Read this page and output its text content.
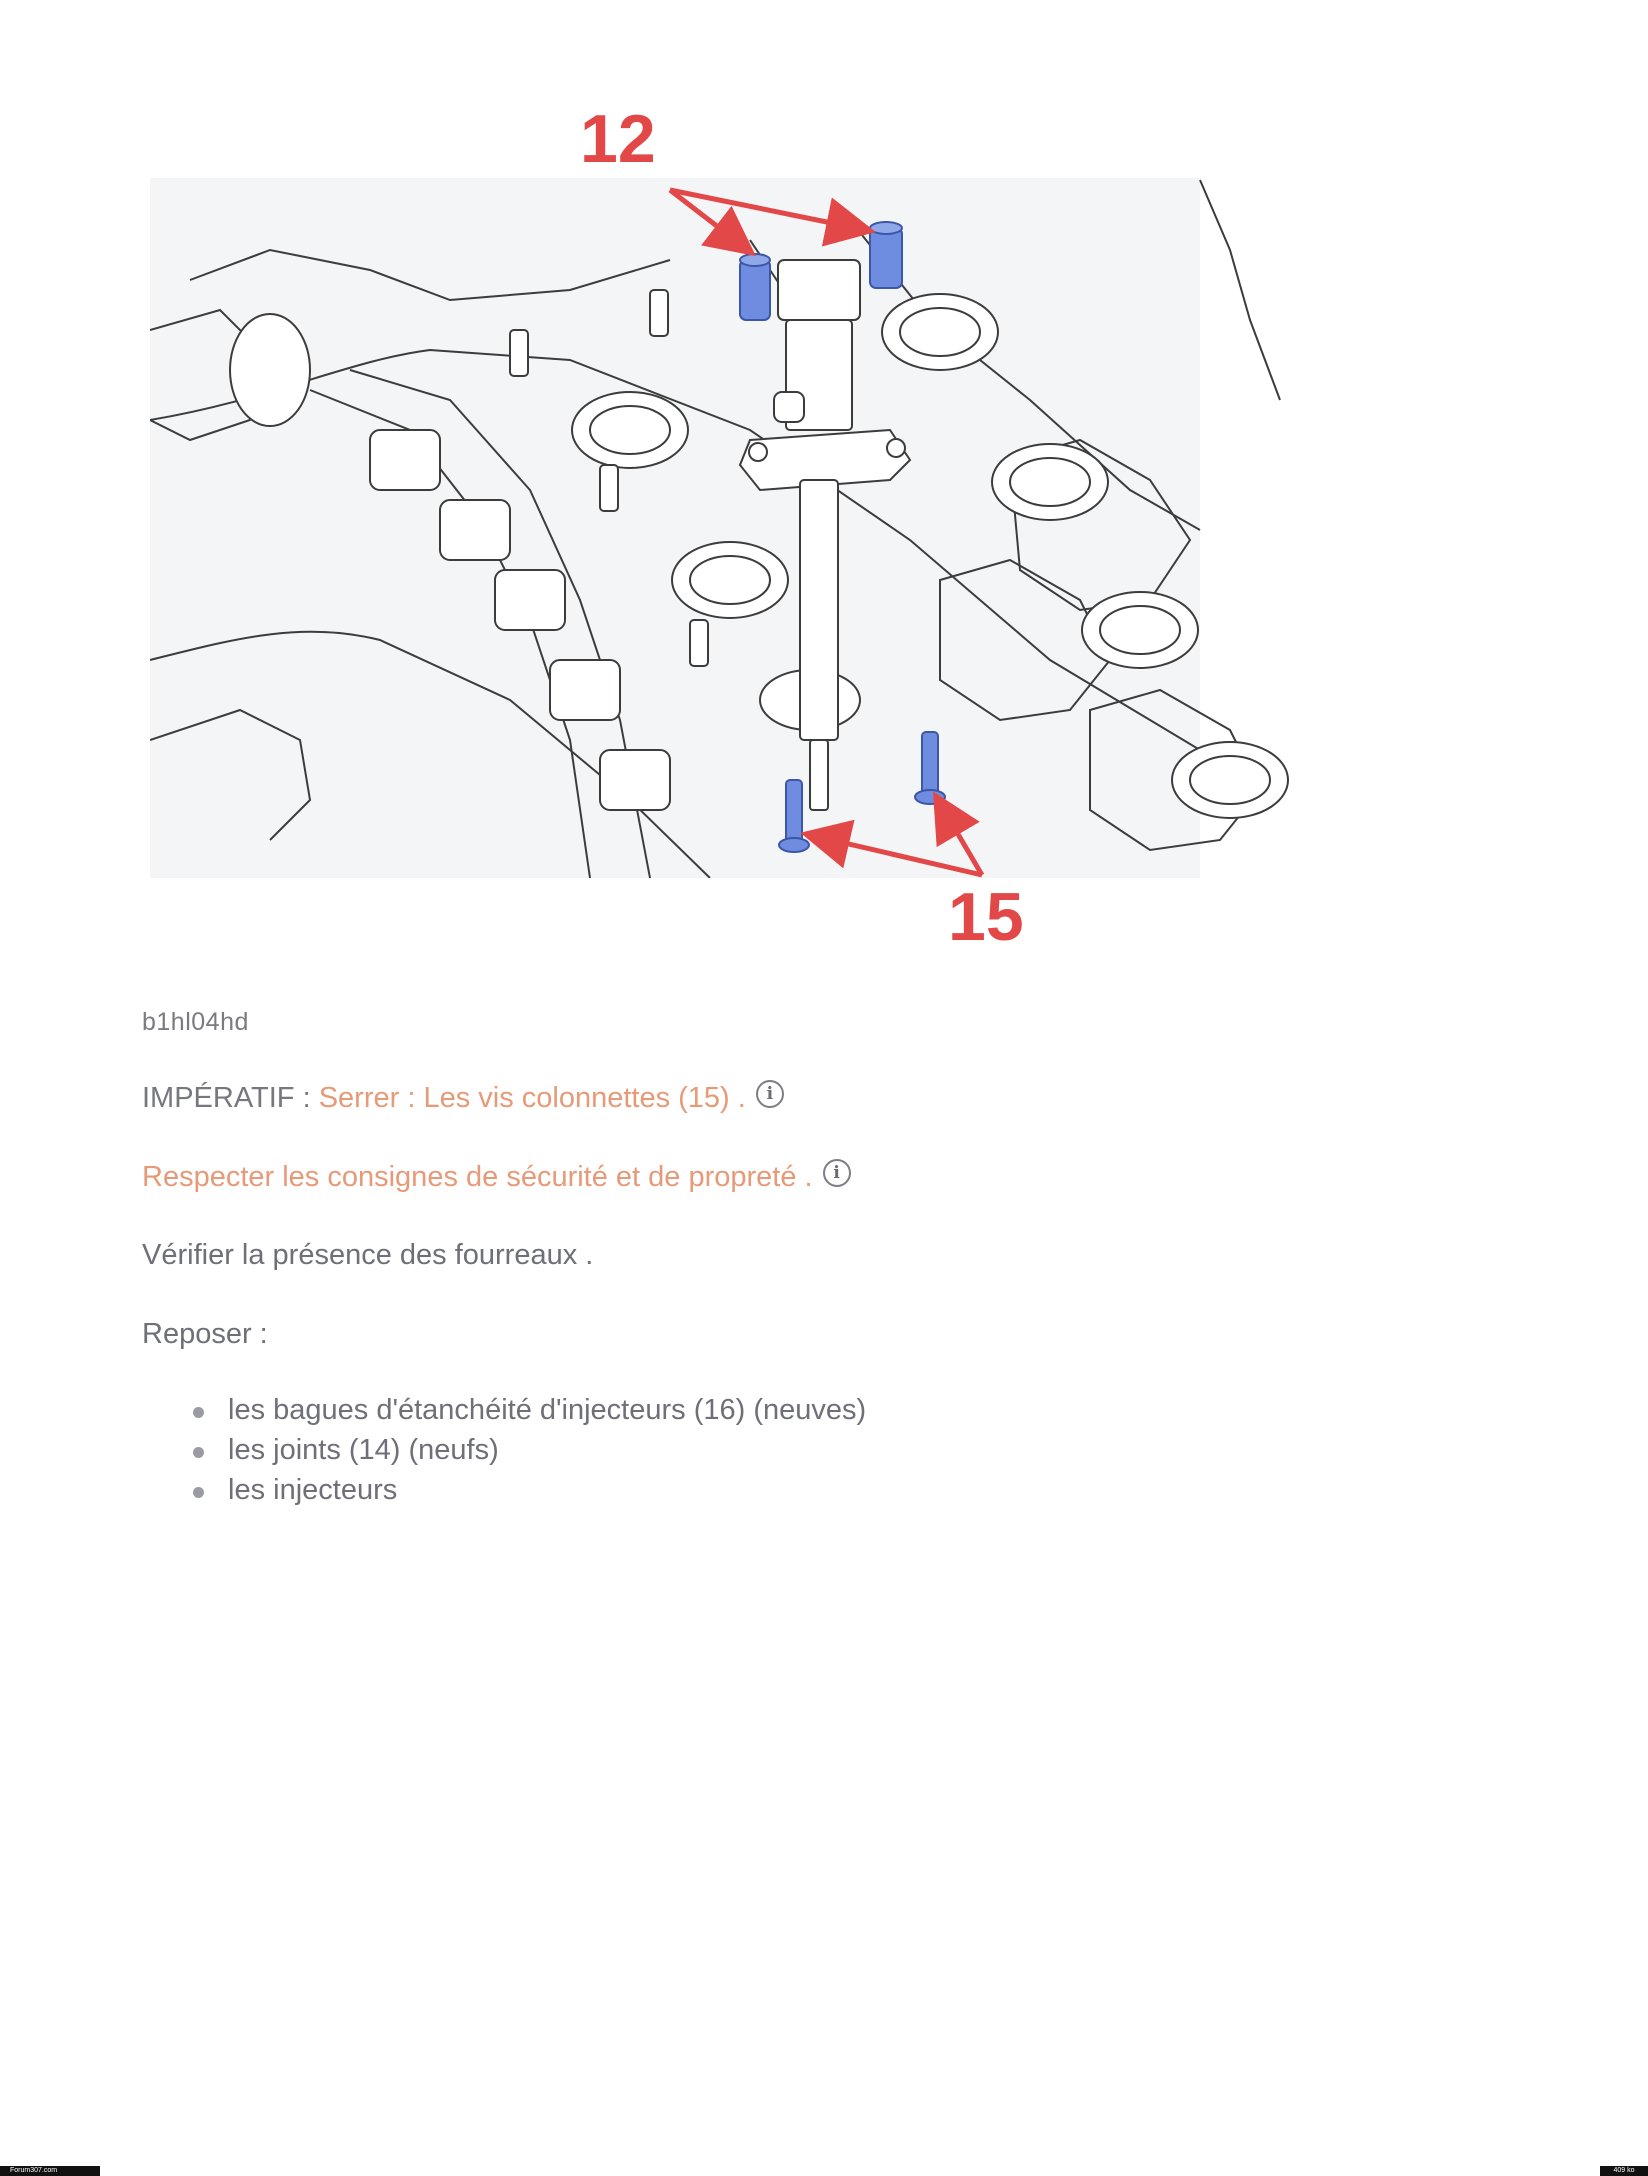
12
15
b1hl04hd
IMPÉRATIF : Serrer : Les vis colonnettes (15) . i
Respecter les consignes de sécurité et de propreté . i
Vérifier la présence des fourreaux .
Reposer :
les bagues d'étanchéité d'injecteurs (16) (neuves)
les joints (14) (neufs)
les injecteurs
Forum307.com	409 ko
